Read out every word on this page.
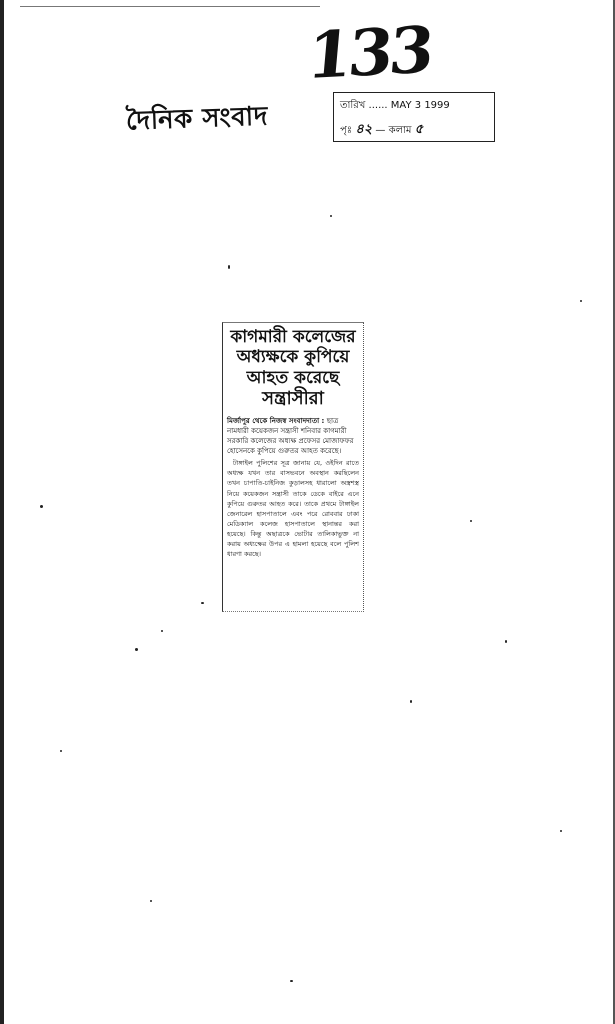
133
দৈনিক সংবাদ	তারিখ ...... MAY 3 1999
পৃঃ ৪২ — কলাম ৫
কাগমারী কলেজের
অধ্যক্ষকে কুপিয়ে
আহত করেছে
সন্ত্রাসীরা
মির্জাপুর থেকে নিজস্ব সংবাদদাতা : ছাত্র নামধারী কয়েকজন সন্ত্রাসী শনিবার কাগমারী সরকারি কলেজের অধ্যক্ষ প্রফেসর মোজাফফর হোসেনকে কুপিয়ে গুরুতর আহত করেছে।
টাঙ্গাইল পুলিশের সূত্র জানায় যে, ওইদিন রাতে অধ্যক্ষ যখন তার বাসভবনে অবস্থান করছিলেন তখন চাপাতি-চাইনিজ কুড়ালসহ ধারালো অস্ত্রশস্ত্র নিয়ে কয়েকজন সন্ত্রাসী তাকে ডেকে বাইরে এনে কুপিয়ে গুরুতর আহত করে। তাকে প্রথমে টাঙ্গাইল জেনারেল হাসপাতালে এবং পরে রোববার ঢাকা মেডিক্যাল কলেজ হাসপাতালে স্থানান্তর করা হয়েছে। কিন্তু অছাত্রকে ভোটার তালিকাভুক্ত না করায় অধ্যক্ষের উপর এ হামলা হয়েছে বলে পুলিশ ধারণা করছে।
